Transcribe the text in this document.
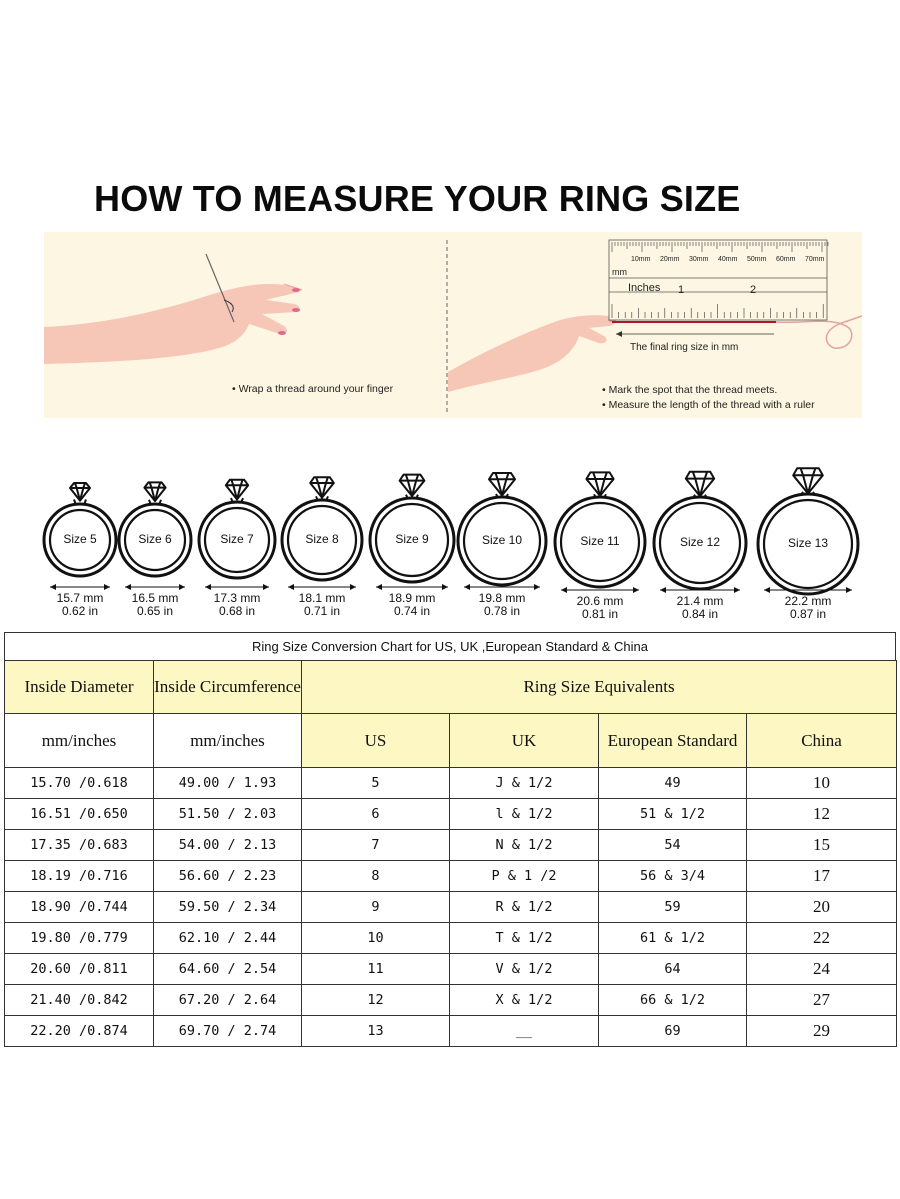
HOW TO MEASURE YOUR RING SIZE
• Wrap a thread around your finger	• Mark the spot that the thread meets.
• Measure the length of the thread with a ruler
mm
Inches 1	2
The final ring size in mm
10mm 20mm 30mm 40mm 50mm 60mm 70mm
Size 5
15.7 mm
0.62 in
Size 6
16.5 mm
0.65 in
Size 7
17.3 mm
0.68 in
Size 8
18.1 mm
0.71 in
Size 9
18.9 mm
0.74 in
Size 10
19.8 mm
0.78 in
Size 11
20.6 mm
0.81 in
Size 12
21.4 mm
0.84 in
Size 13
22.2 mm
0.87 in
Ring Size Conversion Chart for US, UK ,European Standard & China
Inside Diameter	Inside Circumference	Ring Size Equivalents			
mm/inches	mm/inches	US	UK	European Standard	China
15.70 /0.618	49.00 / 1.93	5	J & 1/2	49	10
16.51 /0.650	51.50 / 2.03	6	l & 1/2	51 & 1/2	12
17.35 /0.683	54.00 / 2.13	7	N & 1/2	54	15
18.19 /0.716	56.60 / 2.23	8	P & 1 /2	56 & 3/4	17
18.90 /0.744	59.50 / 2.34	9	R & 1/2	59	20
19.80 /0.779	62.10 / 2.44	10	T & 1/2	61 & 1/2	22
20.60 /0.811	64.60 / 2.54	11	V & 1/2	64	24
21.40 /0.842	67.20 / 2.64	12	X & 1/2	66 & 1/2	27
22.20 /0.874	69.70 / 2.74	13	__	69	29
